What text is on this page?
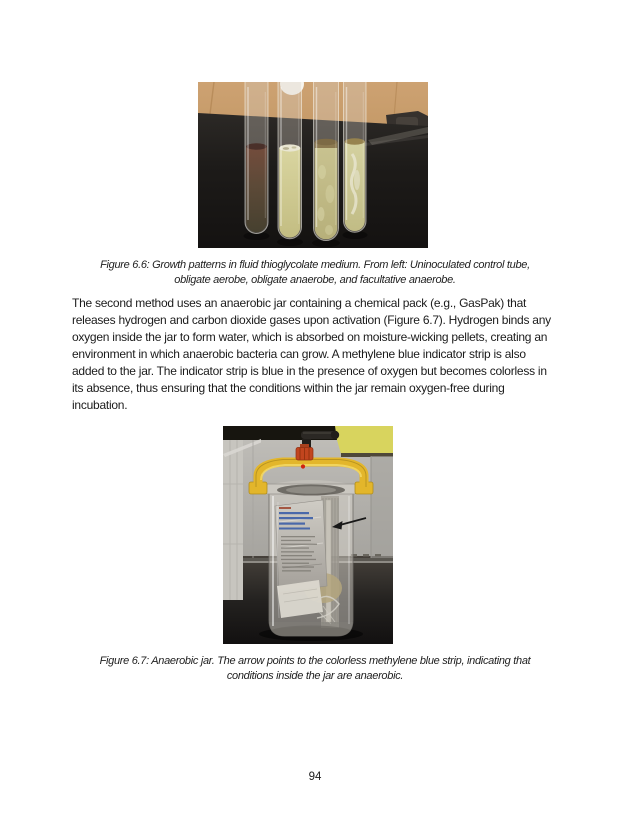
Figure 6.6: Growth patterns in fluid thioglycolate medium. From left: Uninoculated control tube,
obligate aerobe, obligate anaerobe, and facultative anaerobe.
The second method uses an anaerobic jar containing a chemical pack (e.g., GasPak) that
releases hydrogen and carbon dioxide gases upon activation (Figure 6.7). Hydrogen binds any
oxygen inside the jar to form water, which is absorbed on moisture-wicking pellets, creating an
environment in which anaerobic bacteria can grow. A methylene blue indicator strip is also
added to the jar. The indicator strip is blue in the presence of oxygen but becomes colorless in
its absence, thus ensuring that the conditions within the jar remain oxygen-free during
incubation.
Figure 6.7: Anaerobic jar. The arrow points to the colorless methylene blue strip, indicating that
conditions inside the jar are anaerobic.
94
